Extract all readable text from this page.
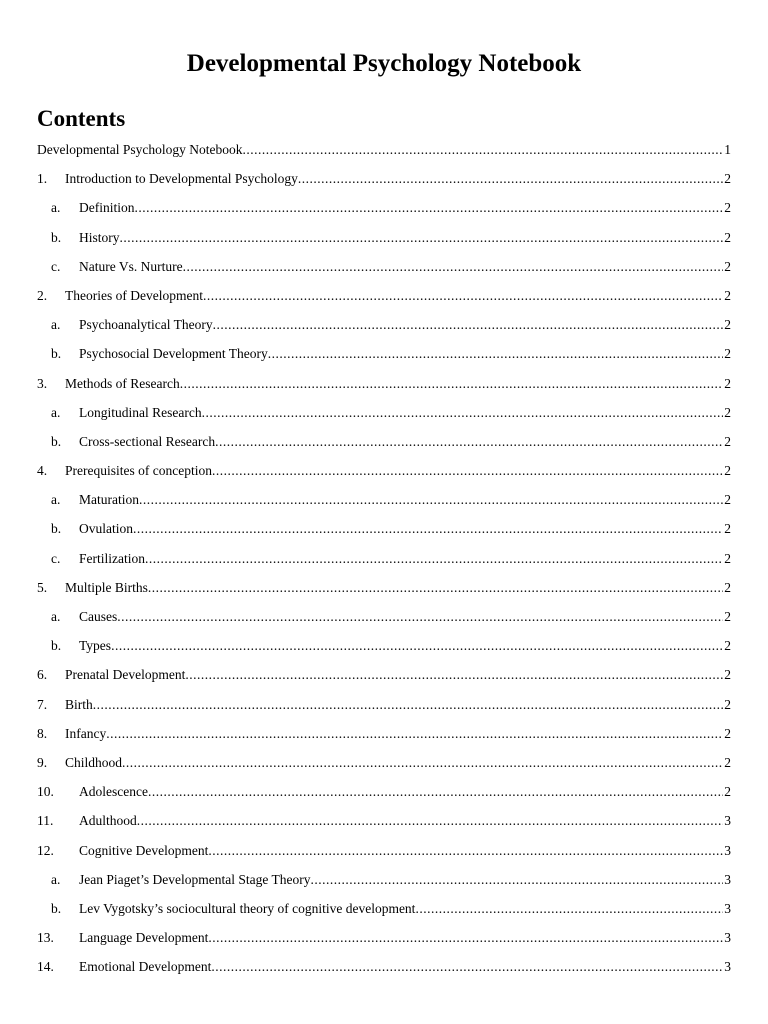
Developmental Psychology Notebook
Contents
Developmental Psychology Notebook .....	1
1.	Introduction to Developmental Psychology .....	2
a.	Definition .....	2
b.	History .....	2
c.	Nature Vs. Nurture .....	2
2.	Theories of Development .....	2
a.	Psychoanalytical Theory .....	2
b.	Psychosocial Development Theory .....	2
3.	Methods of Research .....	2
a.	Longitudinal Research .....	2
b.	Cross-sectional Research .....	2
4.	Prerequisites of conception .....	2
a.	Maturation .....	2
b.	Ovulation .....	2
c.	Fertilization .....	2
5.	Multiple Births .....	2
a.	Causes .....	2
b.	Types .....	2
6.	Prenatal Development .....	2
7.	Birth .....	2
8.	Infancy .....	2
9.	Childhood .....	2
10.	Adolescence .....	2
11.	Adulthood .....	3
12.	Cognitive Development .....	3
a.	Jean Piaget’s Developmental Stage Theory .....	3
b.	Lev Vygotsky’s sociocultural theory of cognitive development .....	3
13.	Language Development .....	3
14.	Emotional Development .....	3
